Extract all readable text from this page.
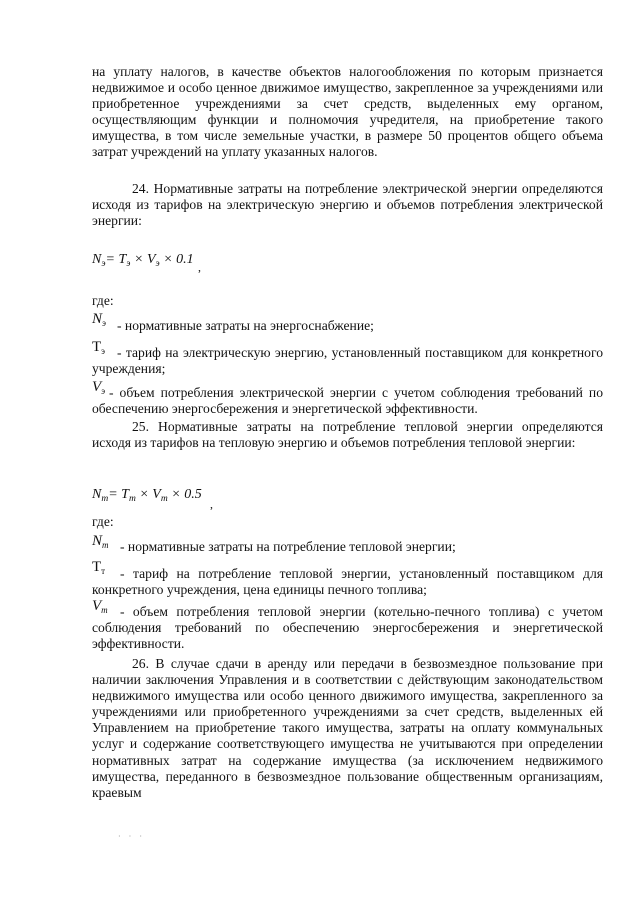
на уплату налогов, в качестве объектов налогообложения по которым признается недвижимое и особо ценное движимое имущество, закрепленное за учреждениями или приобретенное учреждениями за счет средств, выделенных ему органом, осуществляющим функции и полномочия учредителя, на приобретение такого имущества, в том числе земельные участки, в размере 50 процентов общего объема затрат учреждений на уплату указанных налогов.
24. Нормативные затраты на потребление электрической энергии определяются исходя из тарифов на электрическую энергию и объемов потребления электрической энергии:
$N_э= T_э \times V_э \times 0.1$ ,
где:
$N_э$ - нормативные затраты на энергоснабжение;
$Т_э$ - тариф на электрическую энергию, установленный поставщиком для конкретного учреждения;
$V_э$ - объем потребления электрической энергии с учетом соблюдения требований по обеспечению энергосбережения и энергетической эффективности.
25. Нормативные затраты на потребление тепловой энергии определяются исходя из тарифов на тепловую энергию и объемов потребления тепловой энергии:
$N_т= T_т \times V_т \times 0.5$
,
где:
$N_т$ - нормативные затраты на потребление тепловой энергии;
$Т_т$	- тариф на потребление тепловой энергии, установленный поставщиком для конкретного учреждения, цена единицы печного топлива;
$V_т$ - объем потребления тепловой энергии (котельно-печного топлива) с учетом соблюдения требований по обеспечению энергосбережения и энергетической эффективности.
26. В случае сдачи в аренду или передачи в безвозмездное пользование при наличии заключения Управления и в соответствии с действующим законодательством недвижимого имущества или особо ценного движимого имущества, закрепленного за учреждениями или приобретенного учреждениями за счет средств, выделенных ей Управлением на приобретение такого имущества, затраты на оплату коммунальных услуг и содержание соответствующего имущества не учитываются при определении нормативных затрат на содержание имущества (за исключением недвижимого имущества, переданного в безвозмездное пользование общественным организациям, краевым
· · ·
